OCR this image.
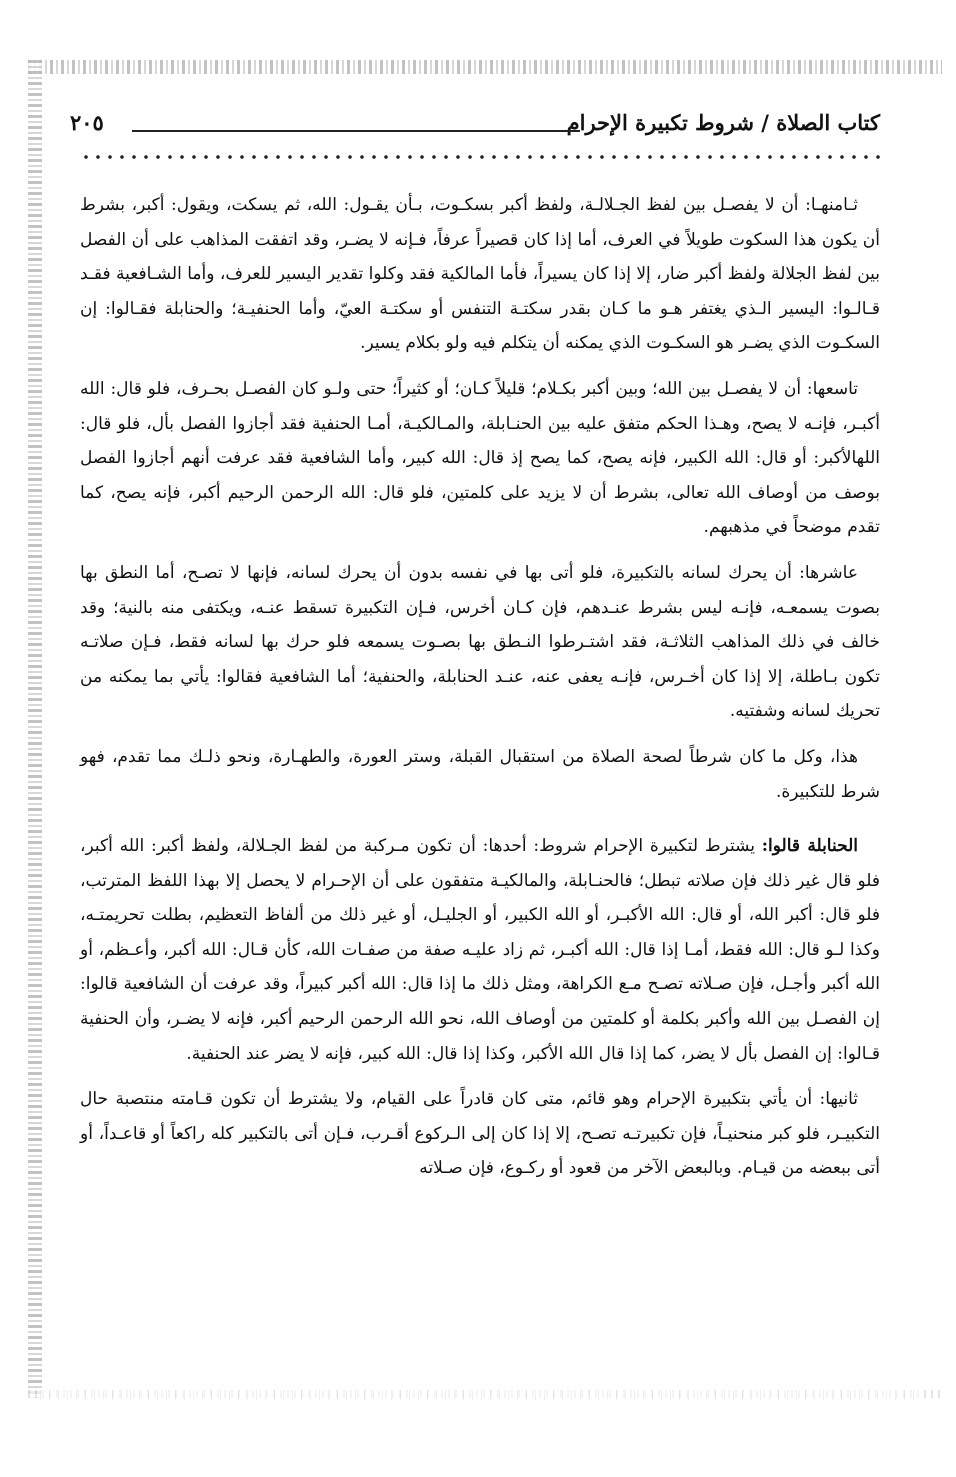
كتاب الصلاة / شروط تكبيرة الإحرام
٢٠٥

ثـامنهـا: أن لا يفصـل بين لفظ الجـلالـة، ولفظ أكبر بسكـوت، بـأن يقـول: الله، ثم يسكت، ويقول: أكبر، بشرط أن يكون هذا السكوت طويلاً في العرف، أما إذا كان قصيراً عرفاً، فـإنه لا يضـر، وقد اتفقت المذاهب على أن الفصل بين لفظ الجلالة ولفظ أكبر ضار، إلا إذا كان يسيراً، فأما المالكية فقد وكلوا تقدير اليسير للعرف، وأما الشـافعية فقـد قـالـوا: اليسير الـذي يغتفر هـو ما كـان بقدر سكتـة التنفس أو سكتـة العيّ، وأما الحنفيـة؛ والحنابلة فقـالوا: إن السكـوت الذي يضـر هو السكـوت الذي يمكنه أن يتكلم فيه ولو بكلام يسير.

تاسعها: أن لا يفصـل بين الله؛ وبين أكبر بكـلام؛ قليلاً كـان؛ أو كثيراً؛ حتى ولـو كان الفصـل بحـرف، فلو قال: الله أكبـر، فإنـه لا يصح، وهـذا الحكم متفق عليه بين الحنـابلة، والمـالكيـة، أمـا الحنفية فقد أجازوا الفصل بأل، فلو قال: اللهالأكبر: أو قال: الله الكبير، فإنه يصح، كما يصح إذ قال: الله كبير، وأما الشافعية فقد عرفت أنهم أجازوا الفصل بوصف من أوصاف الله تعالى، بشرط أن لا يزيد على كلمتين، فلو قال: الله الرحمن الرحيم أكبر، فإنه يصح، كما تقدم موضحاً في مذهبهم.

عاشرها: أن يحرك لسانه بالتكبيرة، فلو أتى بها في نفسه بدون أن يحرك لسانه، فإنها لا تصـح، أما النطق بها بصوت يسمعـه، فإنـه ليس بشرط عنـدهم، فإن كـان أخرس، فـإن التكبيرة تسقط عنـه، ويكتفى منه بالنية؛ وقد خالف في ذلك المذاهب الثلاثـة، فقد اشتـرطوا النـطق بها بصـوت يسمعه فلو حرك بها لسانه فقط، فـإن صلاتـه تكون بـاطلة، إلا إذا كان أخـرس، فإنـه يعفى عنه، عنـد الحنابلة، والحنفية؛ أما الشافعية فقالوا: يأتي بما يمكنه من تحريك لسانه وشفتيه.

هذا، وكل ما كان شرطاً لصحة الصلاة من استقبال القبلة، وستر العورة، والطهـارة، ونحو ذلـك مما تقدم، فهو شرط للتكبيرة.

الحنابلة قالوا: يشترط لتكبيرة الإحرام شروط: أحدها: أن تكون مـركبة من لفظ الجـلالة، ولفظ أكبر: الله أكبر، فلو قال غير ذلك فإن صلاته تبطل؛ فالحنـابلة، والمالكيـة متفقون على أن الإحـرام لا يحصل إلا بهذا اللفظ المترتب، فلو قال: أكبر الله، أو قال: الله الأكبـر، أو الله الكبير، أو الجليـل، أو غير ذلك من ألفاظ التعظيم، بطلت تحريمتـه، وكذا لـو قال: الله فقط، أمـا إذا قال: الله أكبـر، ثم زاد عليـه صفة من صفـات الله، كأن قـال: الله أكبر، وأعـظم، أو الله أكبر وأجـل، فإن صـلاته تصـح مـع الكراهة، ومثل ذلك ما إذا قال: الله أكبر كبيراً، وقد عرفت أن الشافعية قالوا: إن الفصـل بين الله وأكبر بكلمة أو كلمتين من أوصاف الله، نحو الله الرحمن الرحيم أكبر، فإنه لا يضـر، وأن الحنفية قـالوا: إن الفصل بأل لا يضر، كما إذا قال الله الأكبر، وكذا إذا قال: الله كبير، فإنه لا يضر عند الحنفية.

ثانيها: أن يأتي بتكبيرة الإحرام وهو قائم، متى كان قادراً على القيام، ولا يشترط أن تكون قـامته منتصبة حال التكبيـر، فلو كبر منحنيـاً، فإن تكبيرتـه تصـح، إلا إذا كان إلى الـركوع أقـرب، فـإن أتى بالتكبير كله راكعاً أو قاعـداً، أو أتى ببعضه من قيـام. وبالبعض الآخر من قعود أو ركـوع، فإن صـلاته
